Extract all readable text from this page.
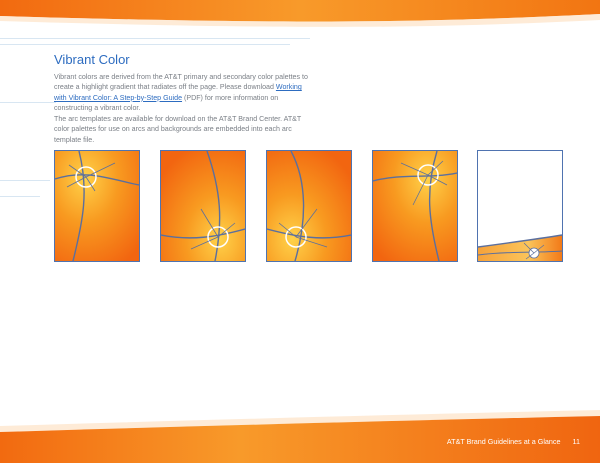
Vibrant Color

Vibrant colors are derived from the AT&T primary and secondary color palettes to create a highlight gradient that radiates off the page. Please download Working with Vibrant Color: A Step-by-Step Guide (PDF) for more information on constructing a vibrant color.

The arc templates are available for download on the AT&T Brand Center. AT&T color palettes for use on arcs and backgrounds are embedded into each arc template file.

AT&T Brand Guidelines at a Glance 11
